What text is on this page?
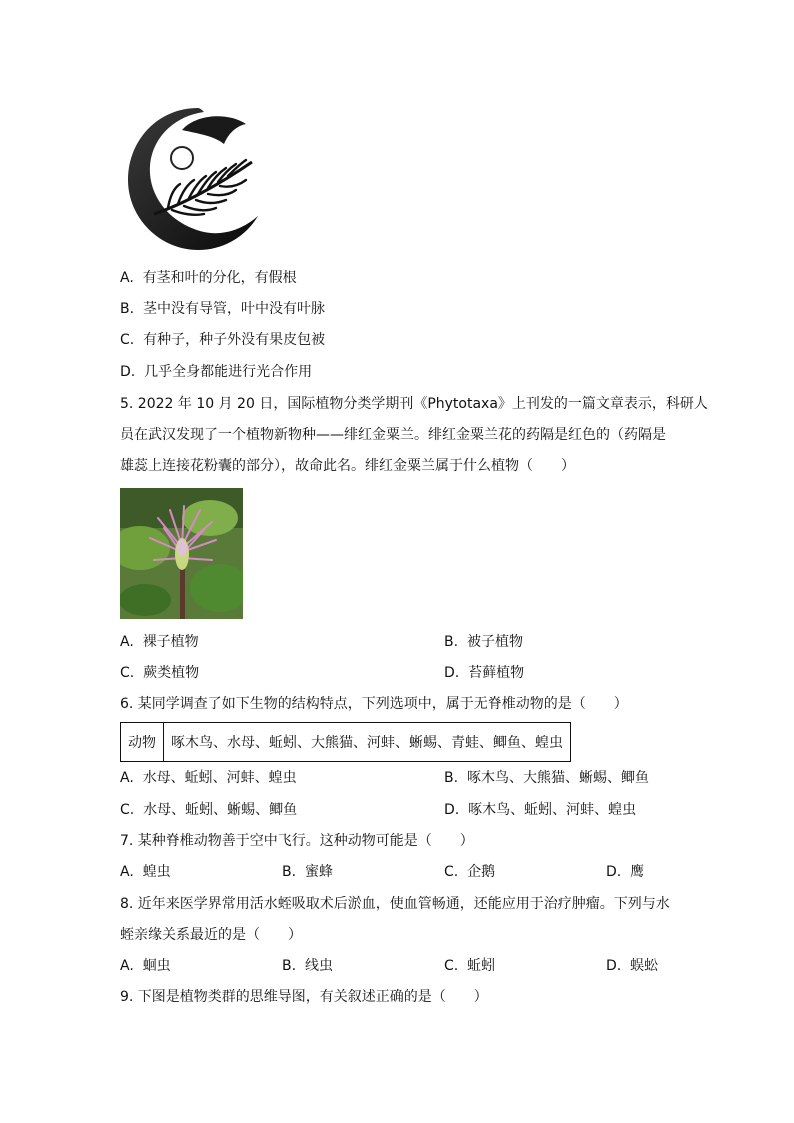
A. 有茎和叶的分化，有假根
B. 茎中没有导管，叶中没有叶脉
C. 有种子，种子外没有果皮包被
D. 几乎全身都能进行光合作用
5. 2022 年 10 月 20 日，国际植物分类学期刊《Phytotaxa》上刊发的一篇文章表示，科研人
员在武汉发现了一个植物新物种——绯红金粟兰。绯红金粟兰花的药隔是红色的（药隔是
雄蕊上连接花粉囊的部分），故命此名。绯红金粟兰属于什么植物（　　）
A. 裸子植物	B. 被子植物
C. 蕨类植物	D. 苔藓植物
6. 某同学调查了如下生物的结构特点，下列选项中，属于无脊椎动物的是（　　）
动物	啄木鸟、水母、蚯蚓、大熊猫、河蚌、蜥蜴、青蛙、鲫鱼、蝗虫
A. 水母、蚯蚓、河蚌、蝗虫	B. 啄木鸟、大熊猫、蜥蜴、鲫鱼
C. 水母、蚯蚓、蜥蜴、鲫鱼	D. 啄木鸟、蚯蚓、河蚌、蝗虫
7. 某种脊椎动物善于空中飞行。这种动物可能是（　　）
A. 蝗虫	B. 蜜蜂	C. 企鹅	D. 鹰
8. 近年来医学界常用活水蛭吸取术后淤血，使血管畅通，还能应用于治疗肿瘤。下列与水
蛭亲缘关系最近的是（　　）
A. 蛔虫	B. 线虫	C. 蚯蚓	D. 蜈蚣
9. 下图是植物类群的思维导图，有关叙述正确的是（　　）
